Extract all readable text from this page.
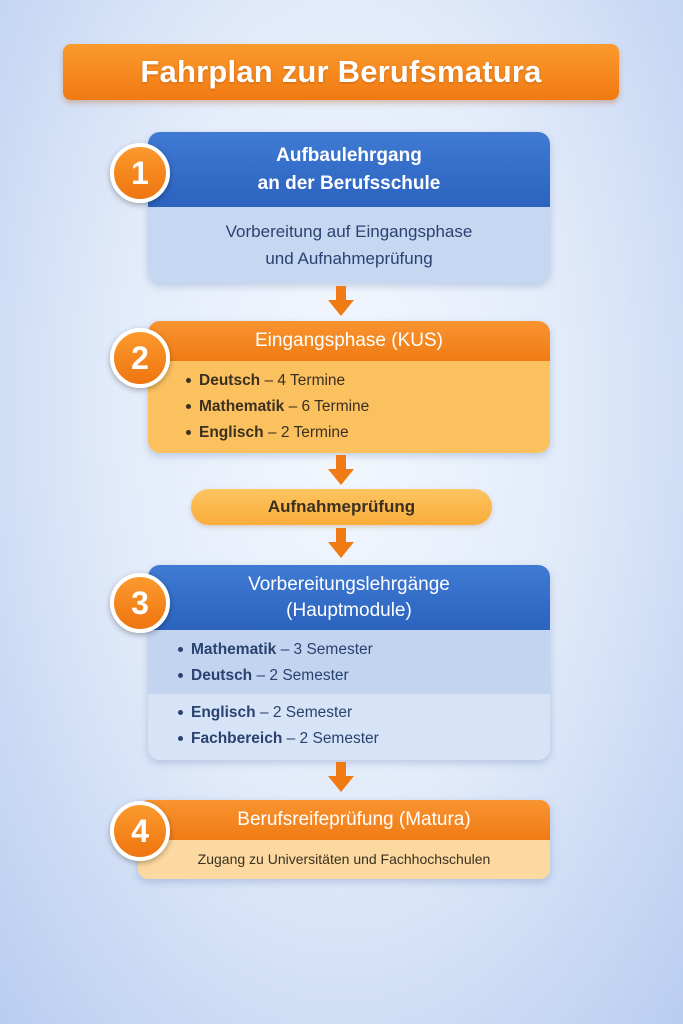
Fahrplan zur Berufsmatura
1	Aufbaulehrgang
an der Berufsschule
Vorbereitung auf Eingangsphase
und Aufnahmeprüfung
2	Eingangsphase (KUS)
Deutsch – 4 Termine
Mathematik – 6 Termine
Englisch – 2 Termine
Aufnahmeprüfung
3
Vorbereitungslehrgänge
(Hauptmodule)
Mathematik – 3 Semester
Deutsch – 2 Semester
Englisch – 2 Semester
Fachbereich – 2 Semester
4	Berufsreifeprüfung (Matura)
Zugang zu Universitäten und Fachhochschulen
